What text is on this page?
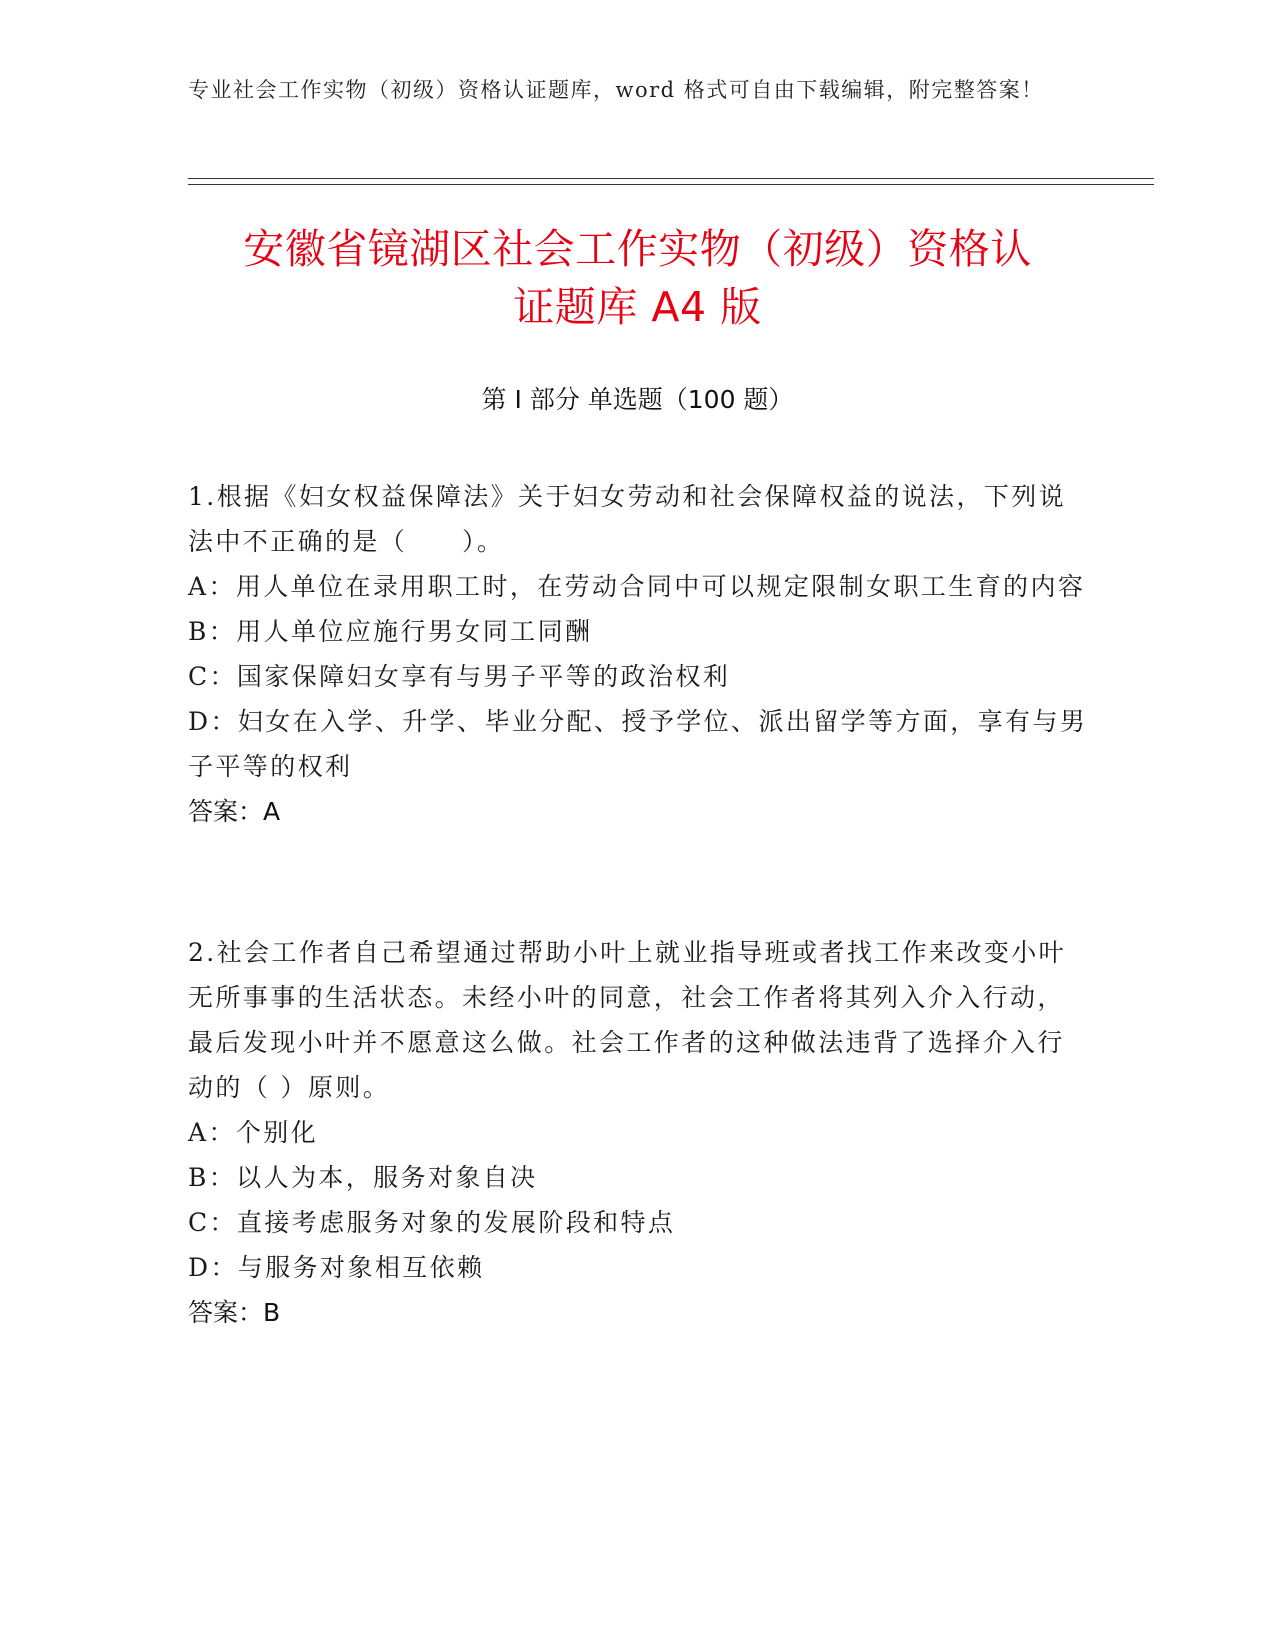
专业社会工作实物（初级）资格认证题库，word 格式可自由下载编辑，附完整答案！
安徽省镜湖区社会工作实物（初级）资格认
证题库 A4 版
第 I 部分 单选题（100 题）

1.根据《妇女权益保障法》关于妇女劳动和社会保障权益的说法，下列说法中不正确的是（　　）。

A：用人单位在录用职工时，在劳动合同中可以规定限制女职工生育的内容

B：用人单位应施行男女同工同酬

C：国家保障妇女享有与男子平等的政治权利

D：妇女在入学、升学、毕业分配、授予学位、派出留学等方面，享有与男子平等的权利

答案：A

2.社会工作者自己希望通过帮助小叶上就业指导班或者找工作来改变小叶无所事事的生活状态。未经小叶的同意，社会工作者将其列入介入行动，最后发现小叶并不愿意这么做。社会工作者的这种做法违背了选择介入行动的（ ）原则。

A：个别化

B：以人为本，服务对象自决

C：直接考虑服务对象的发展阶段和特点

D：与服务对象相互依赖

答案：B
